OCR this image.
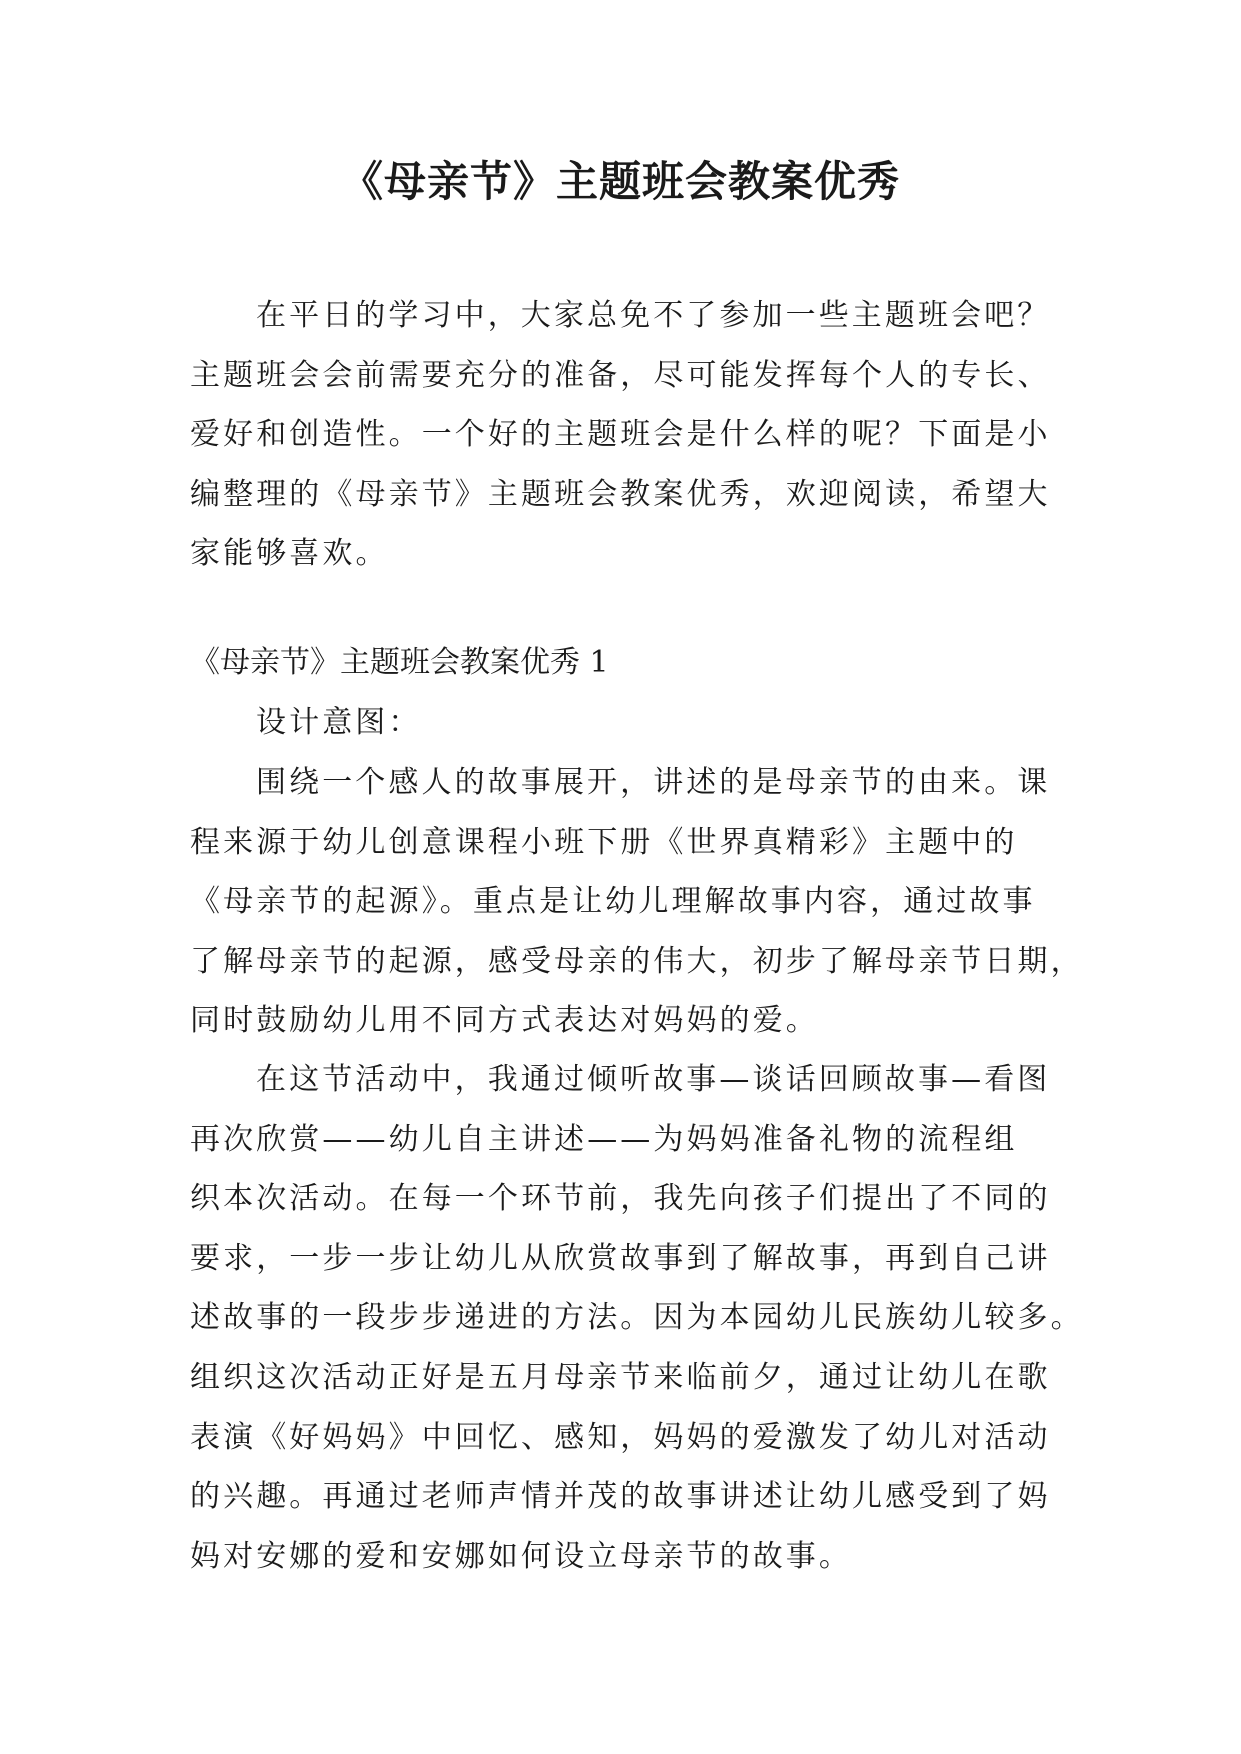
《母亲节》主题班会教案优秀
在平日的学习中，大家总免不了参加一些主题班会吧？
主题班会会前需要充分的准备，尽可能发挥每个人的专长、
爱好和创造性。一个好的主题班会是什么样的呢？下面是小
编整理的《母亲节》主题班会教案优秀，欢迎阅读，希望大
家能够喜欢。
《母亲节》主题班会教案优秀 1
设计意图：
围绕一个感人的故事展开，讲述的是母亲节的由来。课
程来源于幼儿创意课程小班下册《世界真精彩》主题中的
《母亲节的起源》。重点是让幼儿理解故事内容，通过故事
了解母亲节的起源，感受母亲的伟大，初步了解母亲节日期，
同时鼓励幼儿用不同方式表达对妈妈的爱。
在这节活动中，我通过倾听故事—谈话回顾故事—看图
再次欣赏——幼儿自主讲述——为妈妈准备礼物的流程组
织本次活动。在每一个环节前，我先向孩子们提出了不同的
要求，一步一步让幼儿从欣赏故事到了解故事，再到自己讲
述故事的一段步步递进的方法。因为本园幼儿民族幼儿较多。
组织这次活动正好是五月母亲节来临前夕，通过让幼儿在歌
表演《好妈妈》中回忆、感知，妈妈的爱激发了幼儿对活动
的兴趣。再通过老师声情并茂的故事讲述让幼儿感受到了妈
妈对安娜的爱和安娜如何设立母亲节的故事。
